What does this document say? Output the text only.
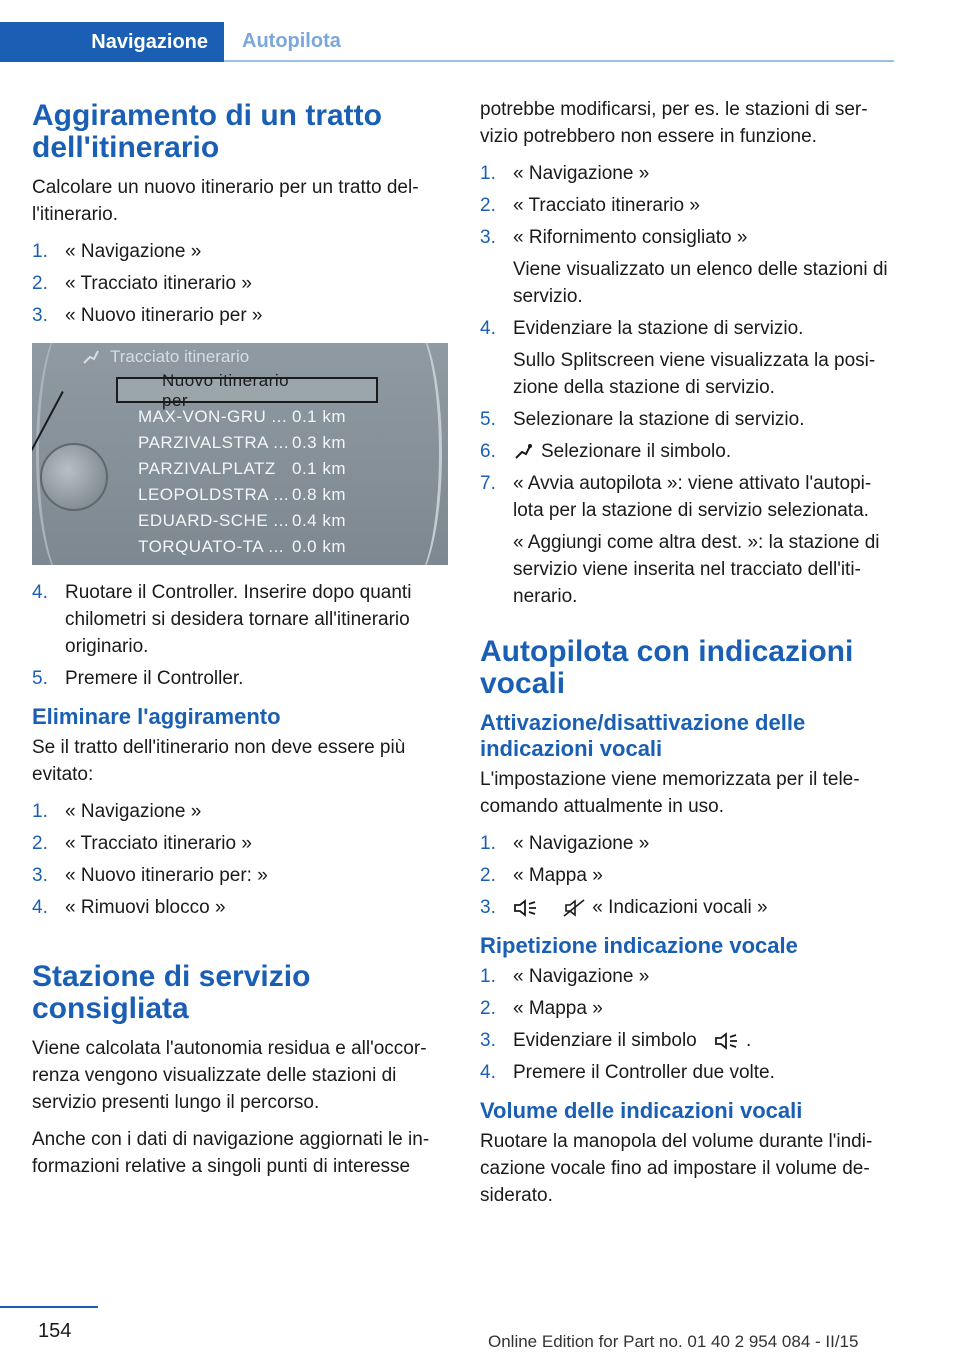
Navigazione	Autopilota
Aggiramento di un tratto dell'itinerario

Calcolare un nuovo itinerario per un tratto dell'itinerario.

1. « Navigazione »
2. « Tracciato itinerario »
3. « Nuovo itinerario per »
Tracciato itinerario
Nuovo itinerario per
MAX-VON-GRU ... 0.1 km
PARZIVALSTRA ... 0.3 km
PARZIVALPLATZ 0.1 km
LEOPOLDSTRA ... 0.8 km
EDUARD-SCHE ... 0.4 km
TORQUATO-TA ... 0.0 km
4. Ruotare il Controller. Inserire dopo quanti chilometri si desidera tornare all'itinerario originario.
5. Premere il Controller.
Eliminare l'aggiramento

Se il tratto dell'itinerario non deve essere più evitato:

1. « Navigazione »
2. « Tracciato itinerario »
3. « Nuovo itinerario per: »
4. « Rimuovi blocco »
Stazione di servizio consigliata

Viene calcolata l'autonomia residua e all'occorrenza vengono visualizzate delle stazioni di servizio presenti lungo il percorso.

Anche con i dati di navigazione aggiornati le informazioni relative a singoli punti di interesse

potrebbe modificarsi, per es. le stazioni di servizio potrebbero non essere in funzione.

1. « Navigazione »
2. « Tracciato itinerario »
3. « Rifornimento consigliato »
Viene visualizzato un elenco delle stazioni di servizio.
4. Evidenziare la stazione di servizio.
Sullo Splitscreen viene visualizzata la posizione della stazione di servizio.
5. Selezionare la stazione di servizio.
6. Selezionare il simbolo.
7. « Avvia autopilota »: viene attivato l'autopilota per la stazione di servizio selezionata.
« Aggiungi come altra dest. »: la stazione di servizio viene inserita nel tracciato dell'itinerario.
Autopilota con indicazioni vocali
Attivazione/disattivazione delle indicazioni vocali

L'impostazione viene memorizzata per il telecomando attualmente in uso.

1. « Navigazione »
2. « Mappa »
3.	« Indicazioni vocali »
Ripetizione indicazione vocale
1. « Navigazione »
2. « Mappa »
3. Evidenziare il simbolo	.
4. Premere il Controller due volte.
Volume delle indicazioni vocali

Ruotare la manopola del volume durante l'indicazione vocale fino ad impostare il volume desiderato.

154	Online Edition for Part no. 01 40 2 954 084 - II/15
